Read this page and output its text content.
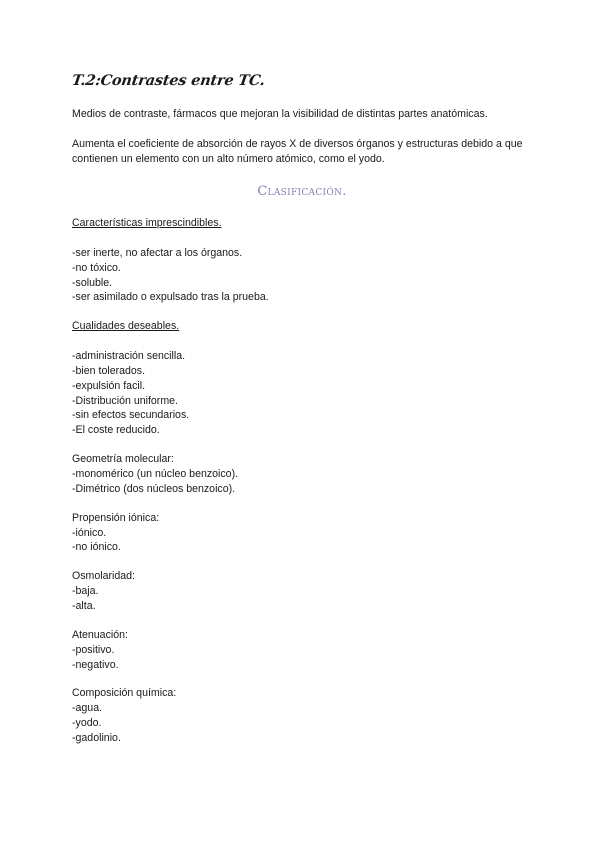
T.2:Contrastes entre TC.

Medios de contraste, fármacos que mejoran la visibilidad de distintas partes anatómicas.

Aumenta el coeficiente de absorción de rayos X de diversos órganos y estructuras debido a que contienen un elemento con un alto número atómico, como el yodo.

Clasificación.

Características imprescindibles.

-ser inerte, no afectar a los órganos.
-no tóxico.
-soluble.
-ser asimilado o expulsado tras la prueba.

Cualidades deseables.

-administración sencilla.
-bien tolerados.
-expulsión facil.
-Distribución uniforme.
-sin efectos secundarios.
-El coste reducido.

Geometría molecular:

-monomérico (un núcleo benzoico).
-Dimétrico (dos núcleos benzoico).

Propensión iónica:

-iónico.
-no iónico.

Osmolaridad:

-baja.
-alta.

Atenuación:

-positivo.
-negativo.

Composición química:

-agua.
-yodo.
-gadolinio.
